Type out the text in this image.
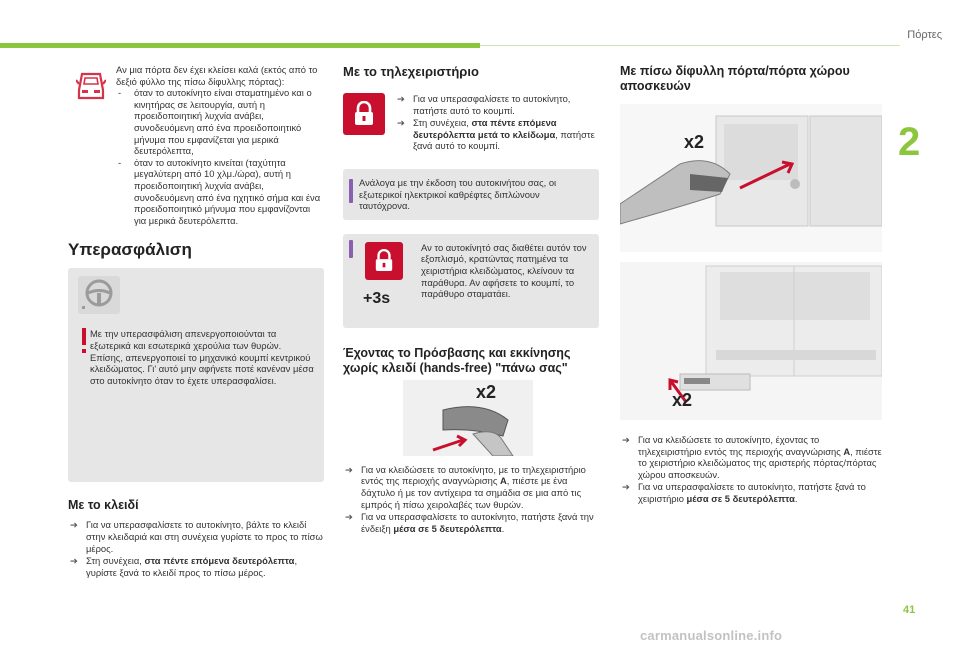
Πόρτες
2
41
carmanualsonline.info
Αν μια πόρτα δεν έχει κλείσει καλά (εκτός από το δεξιό φύλλο της πίσω δίφυλλης πόρτας):
-	όταν το αυτοκίνητο είναι σταματημένο και ο κινητήρας σε λειτουργία, αυτή η προειδοποιητική λυχνία ανάβει, συνοδευόμενη από ένα προειδοποιητικό μήνυμα που εμφανίζεται για μερικά δευτερόλεπτα,
-	όταν το αυτοκίνητο κινείται (ταχύτητα μεγαλύτερη από 10 χλμ./ώρα), αυτή η προειδοποιητική λυχνία ανάβει, συνοδευόμενη από ένα ηχητικό σήμα και ένα προειδοποιητικό μήνυμα που εμφανίζονται για μερικά δευτερόλεπτα.
Υπερασφάλιση
Με την υπερασφάλιση απενεργοποιούνται τα εξωτερικά και εσωτερικά χερούλια των θυρών. Επίσης, απενεργοποιεί το μηχανικό κουμπί κεντρικού κλειδώματος. Γι' αυτό μην αφήνετε ποτέ κανέναν μέσα στο αυτοκίνητο όταν το έχετε υπερασφαλίσει.
Με το κλειδί
➔ Για να υπερασφαλίσετε το αυτοκίνητο, βάλτε το κλειδί στην κλειδαριά και στη συνέχεια γυρίστε το προς το πίσω μέρος.
➔ Στη συνέχεια, στα πέντε επόμενα δευτερόλεπτα, γυρίστε ξανά το κλειδί προς το πίσω μέρος.
Με το τηλεχειριστήριο
➔ Για να υπερασφαλίσετε το αυτοκίνητο, πατήστε αυτό το κουμπί.
➔ Στη συνέχεια, στα πέντε επόμενα δευτερόλεπτα μετά το κλείδωμα, πατήστε ξανά αυτό το κουμπί.
Ανάλογα με την έκδοση του αυτοκινήτου σας, οι εξωτερικοί ηλεκτρικοί καθρέφτες διπλώνουν ταυτόχρονα.
+3s
Αν το αυτοκίνητό σας διαθέτει αυτόν τον εξοπλισμό, κρατώντας πατημένα τα χειριστήρια κλειδώματος, κλείνουν τα παράθυρα. Αν αφήσετε το κουμπί, το παράθυρο σταματάει.
Έχοντας το Πρόσβασης και εκκίνησης χωρίς κλειδί (hands-free) "πάνω σας"
x2
➔ Για να κλειδώσετε το αυτοκίνητο, με το τηλεχειριστήριο εντός της περιοχής αναγνώρισης A, πιέστε με ένα δάχτυλο ή με τον αντίχειρα τα σημάδια σε μια από τις εμπρός ή πίσω χειρολαβές των θυρών.
➔ Για να υπερασφαλίσετε το αυτοκίνητο, πατήστε ξανά την ένδειξη μέσα σε 5 δευτερόλεπτα.
Με πίσω δίφυλλη πόρτα/πόρτα χώρου αποσκευών
x2
x2
➔ Για να κλειδώσετε το αυτοκίνητο, έχοντας το τηλεχειριστήριο εντός της περιοχής αναγνώρισης A, πιέστε το χειριστήριο κλειδώματος της αριστερής πόρτας/πόρτας χώρου αποσκευών.
➔ Για να υπερασφαλίσετε το αυτοκίνητο, πατήστε ξανά το χειριστήριο μέσα σε 5 δευτερόλεπτα.
